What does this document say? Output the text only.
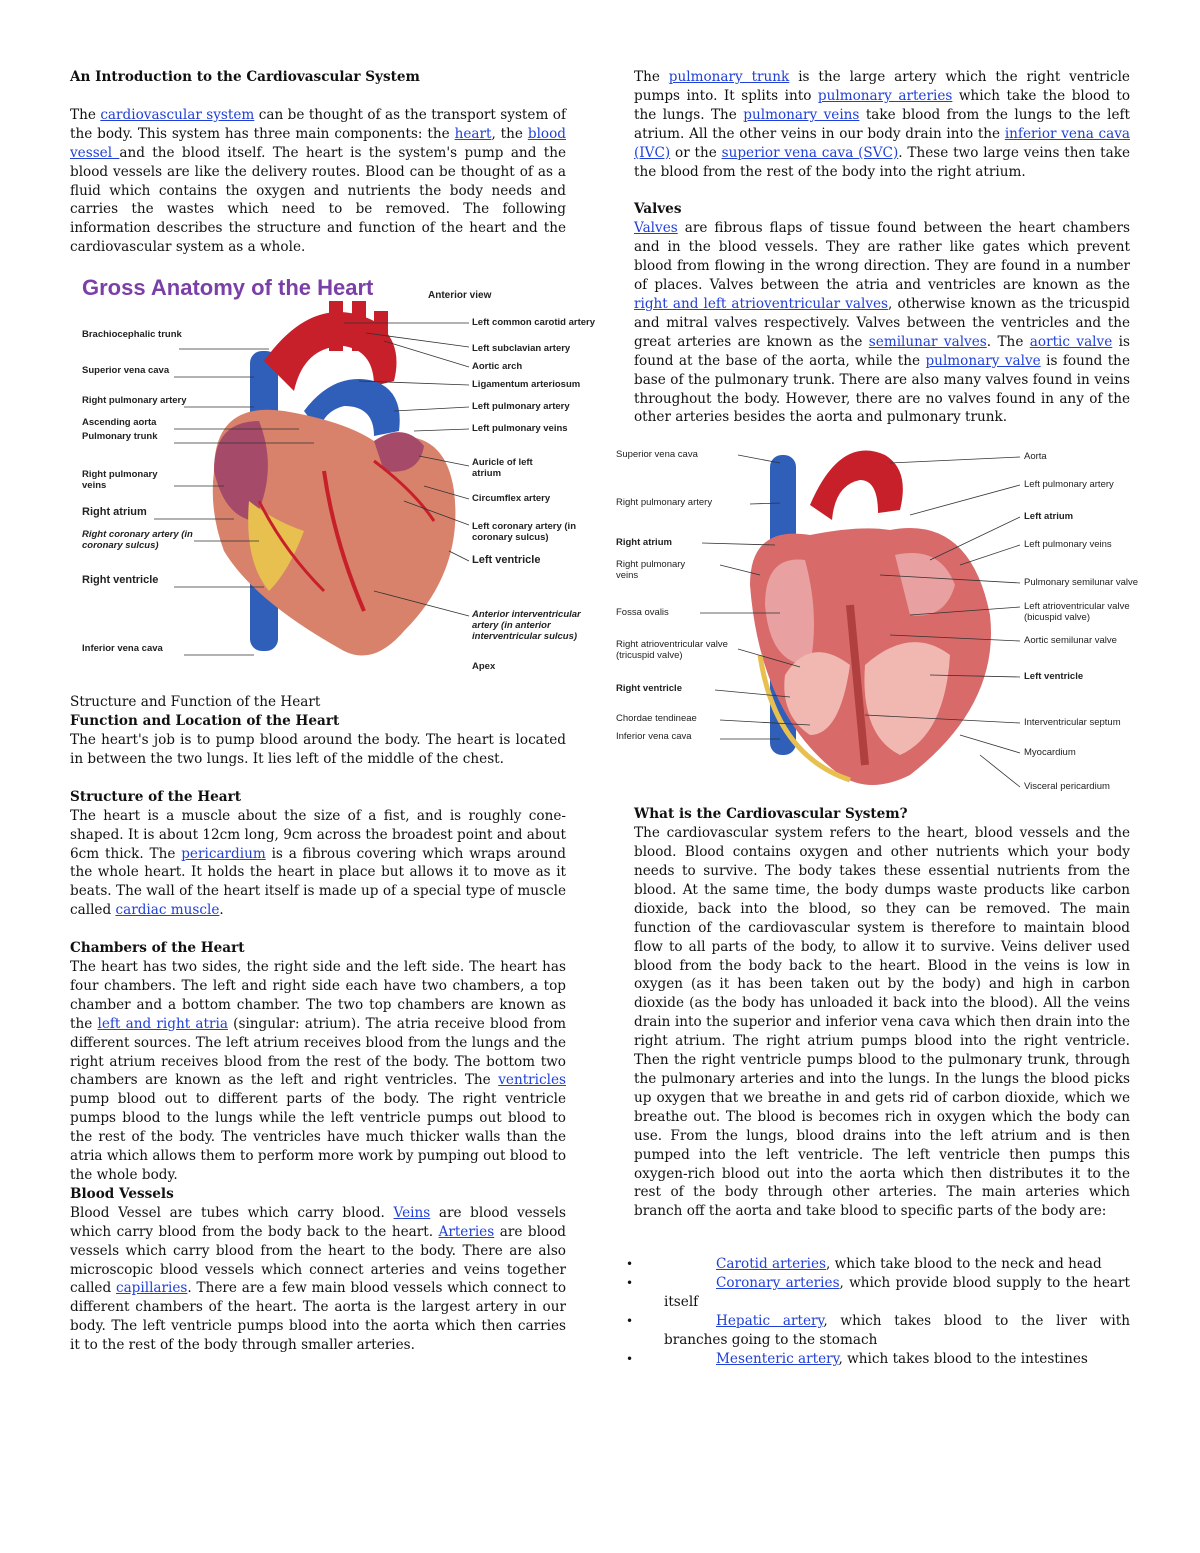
An Introduction to the Cardiovascular System

The cardiovascular system can be thought of as the transport system of the body. This system has three main components: the heart, the blood vessel and the blood itself. The heart is the system's pump and the blood vessels are like the delivery routes. Blood can be thought of as a fluid which contains the oxygen and nutrients the body needs and carries the wastes which need to be removed. The following information describes the structure and function of the heart and the cardiovascular system as a whole.

Gross Anatomy of the Heart	Anterior view
Brachiocephalic trunk
Superior vena cava
Right pulmonary artery
Ascending aorta
Pulmonary trunk
Right pulmonary veins
Right atrium
Right coronary artery (in coronary sulcus)
Right ventricle
Inferior vena cava
Left common carotid artery
Left subclavian artery
Aortic arch
Ligamentum arteriosum
Left pulmonary artery
Left pulmonary veins
Auricle of left atrium
Circumflex artery
Left coronary artery (in coronary sulcus)
Left ventricle
Anterior interventricular artery (in anterior interventricular sulcus)
Apex

Structure and Function of the Heart

Function and Location of the Heart

The heart's job is to pump blood around the body. The heart is located in between the two lungs. It lies left of the middle of the chest.

Structure of the Heart

The heart is a muscle about the size of a fist, and is roughly cone-shaped. It is about 12cm long, 9cm across the broadest point and about 6cm thick. The pericardium is a fibrous covering which wraps around the whole heart. It holds the heart in place but allows it to move as it beats. The wall of the heart itself is made up of a special type of muscle called cardiac muscle.

Chambers of the Heart

The heart has two sides, the right side and the left side. The heart has four chambers. The left and right side each have two chambers, a top chamber and a bottom chamber. The two top chambers are known as the left and right atria (singular: atrium). The atria receive blood from different sources. The left atrium receives blood from the lungs and the right atrium receives blood from the rest of the body. The bottom two chambers are known as the left and right ventricles. The ventricles pump blood out to different parts of the body. The right ventricle pumps blood to the lungs while the left ventricle pumps out blood to the rest of the body. The ventricles have much thicker walls than the atria which allows them to perform more work by pumping out blood to the whole body.

Blood Vessels

Blood Vessel are tubes which carry blood. Veins are blood vessels which carry blood from the body back to the heart. Arteries are blood vessels which carry blood from the heart to the body. There are also microscopic blood vessels which connect arteries and veins together called capillaries. There are a few main blood vessels which connect to different chambers of the heart. The aorta is the largest artery in our body. The left ventricle pumps blood into the aorta which then carries it to the rest of the body through smaller arteries.

The pulmonary trunk is the large artery which the right ventricle pumps into. It splits into pulmonary arteries which take the blood to the lungs. The pulmonary veins take blood from the lungs to the left atrium. All the other veins in our body drain into the inferior vena cava (IVC) or the superior vena cava (SVC). These two large veins then take the blood from the rest of the body into the right atrium.

Valves

Valves are fibrous flaps of tissue found between the heart chambers and in the blood vessels. They are rather like gates which prevent blood from flowing in the wrong direction. They are found in a number of places. Valves between the atria and ventricles are known as the right and left atrioventricular valves, otherwise known as the tricuspid and mitral valves respectively. Valves between the ventricles and the great arteries are known as the semilunar valves. The aortic valve is found at the base of the aorta, while the pulmonary valve is found the base of the pulmonary trunk. There are also many valves found in veins throughout the body. However, there are no valves found in any of the other arteries besides the aorta and pulmonary trunk.

Superior vena cava
Right pulmonary artery
Right atrium
Right pulmonary veins
Fossa ovalis
Right atrioventricular valve (tricuspid valve)
Right ventricle
Chordae tendineae
Inferior vena cava
Aorta
Left pulmonary artery
Left atrium
Left pulmonary veins
Pulmonary semilunar valve
Left atrioventricular valve (bicuspid valve)
Aortic semilunar valve
Left ventricle
Interventricular septum
Myocardium
Visceral pericardium

What is the Cardiovascular System?

The cardiovascular system refers to the heart, blood vessels and the blood. Blood contains oxygen and other nutrients which your body needs to survive. The body takes these essential nutrients from the blood. At the same time, the body dumps waste products like carbon dioxide, back into the blood, so they can be removed. The main function of the cardiovascular system is therefore to maintain blood flow to all parts of the body, to allow it to survive. Veins deliver used blood from the body back to the heart. Blood in the veins is low in oxygen (as it has been taken out by the body) and high in carbon dioxide (as the body has unloaded it back into the blood). All the veins drain into the superior and inferior vena cava which then drain into the right atrium. The right atrium pumps blood into the right ventricle. Then the right ventricle pumps blood to the pulmonary trunk, through the pulmonary arteries and into the lungs. In the lungs the blood picks up oxygen that we breathe in and gets rid of carbon dioxide, which we breathe out. The blood is becomes rich in oxygen which the body can use. From the lungs, blood drains into the left atrium and is then pumped into the left ventricle. The left ventricle then pumps this oxygen-rich blood out into the aorta which then distributes it to the rest of the body through other arteries. The main arteries which branch off the aorta and take blood to specific parts of the body are:

•	Carotid arteries, which take blood to the neck and head
•	Coronary arteries, which provide blood supply to the heart itself
•	Hepatic artery, which takes blood to the liver with branches going to the stomach
•	Mesenteric artery, which takes blood to the intestines
